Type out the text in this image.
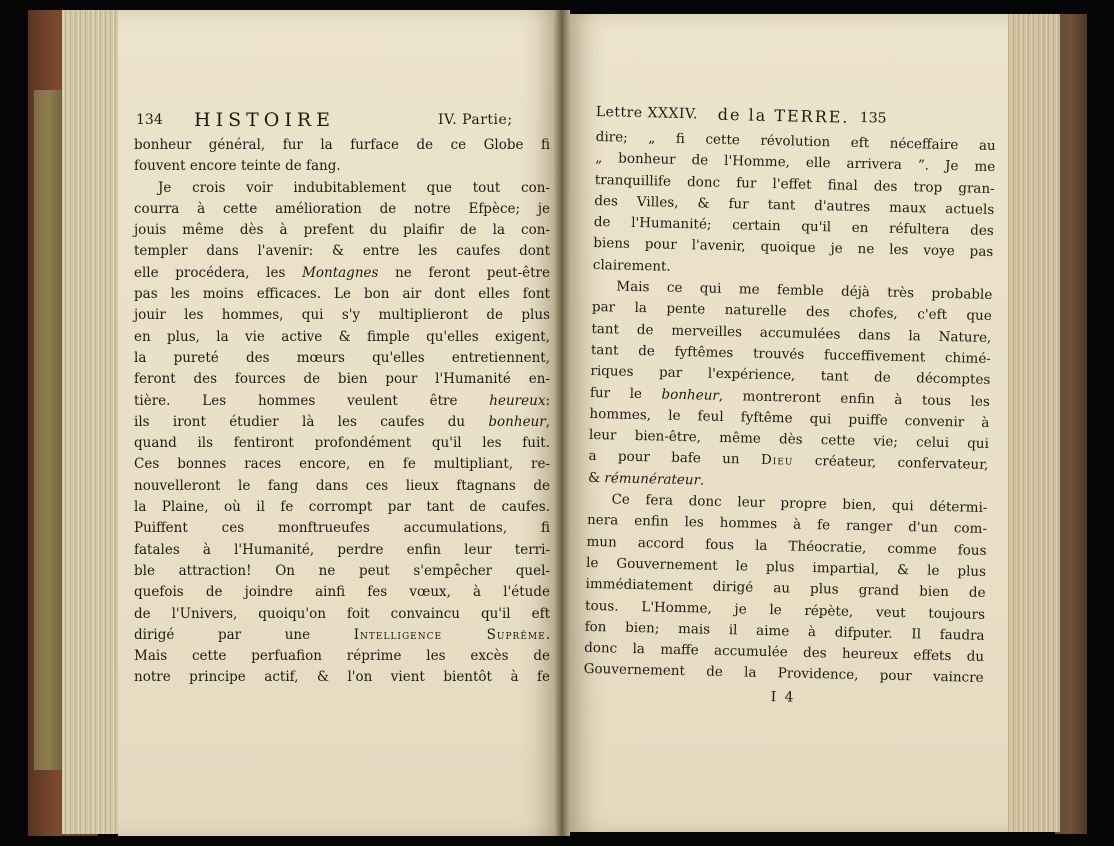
134 HISTOIRE	IV. Partie;

bonheur général, fur la furface de ce Globe fi

fouvent encore teinte de fang.

Je crois voir indubitablement que tout con-

courra à cette amélioration de notre Efpèce; je

jouis même dès à prefent du plaifir de la con-

templer dans l'avenir: & entre les caufes dont

elle procédera, les Montagnes ne feront peut-être

pas les moins efficaces. Le bon air dont elles font

jouir les hommes, qui s'y multiplieront de plus

en plus, la vie active & fimple qu'elles exigent,

la pureté des mœurs qu'elles entretiennent,

feront des fources de bien pour l'Humanité en-

tière. Les hommes veulent être heureux:

ils iront étudier là les caufes du bonheur,

quand ils fentiront profondément qu'il les fuit.

Ces bonnes races encore, en fe multipliant, re-

nouvelleront le fang dans ces lieux ftagnans de

la Plaine, où il fe corrompt par tant de caufes.

Puiffent ces monftrueufes accumulations, fi

fatales à l'Humanité, perdre enfin leur terri-

ble attraction! On ne peut s'empêcher quel-

quefois de joindre ainfi fes vœux, à l'étude

de l'Univers, quoiqu'on foit convaincu qu'il eft

dirigé par une Intelligence Suprême.

Mais cette perfuafion réprime les excès de

notre principe actif, & l'on vient bientôt à fe

Lettre XXXIV. de la TERRE. 135

dire; „ fi cette révolution eft néceffaire au

„ bonheur de l'Homme, elle arrivera ”. Je me

tranquillife donc fur l'effet final des trop gran-

des Villes, & fur tant d'autres maux actuels

de l'Humanité; certain qu'il en réfultera des

biens pour l'avenir, quoique je ne les voye pas

clairement.

Mais ce qui me femble déjà très probable

par la pente naturelle des chofes, c'eft que

tant de merveilles accumulées dans la Nature,

tant de fyftêmes trouvés fucceffivement chimé-

riques par l'expérience, tant de décomptes

fur le bonheur, montreront enfin à tous les

hommes, le feul fyftême qui puiffe convenir à

leur bien-être, même dès cette vie; celui qui

a pour bafe un Dieu créateur, confervateur,

& rémunérateur.

Ce fera donc leur propre bien, qui détermi-

nera enfin les hommes à fe ranger d'un com-

mun accord fous la Théocratie, comme fous

le Gouvernement le plus impartial, & le plus

immédiatement dirigé au plus grand bien de

tous. L'Homme, je le répète, veut toujours

fon bien; mais il aime à difputer. Il faudra

donc la maffe accumulée des heureux effets du

Gouvernement de la Providence, pour vaincre

I 4
